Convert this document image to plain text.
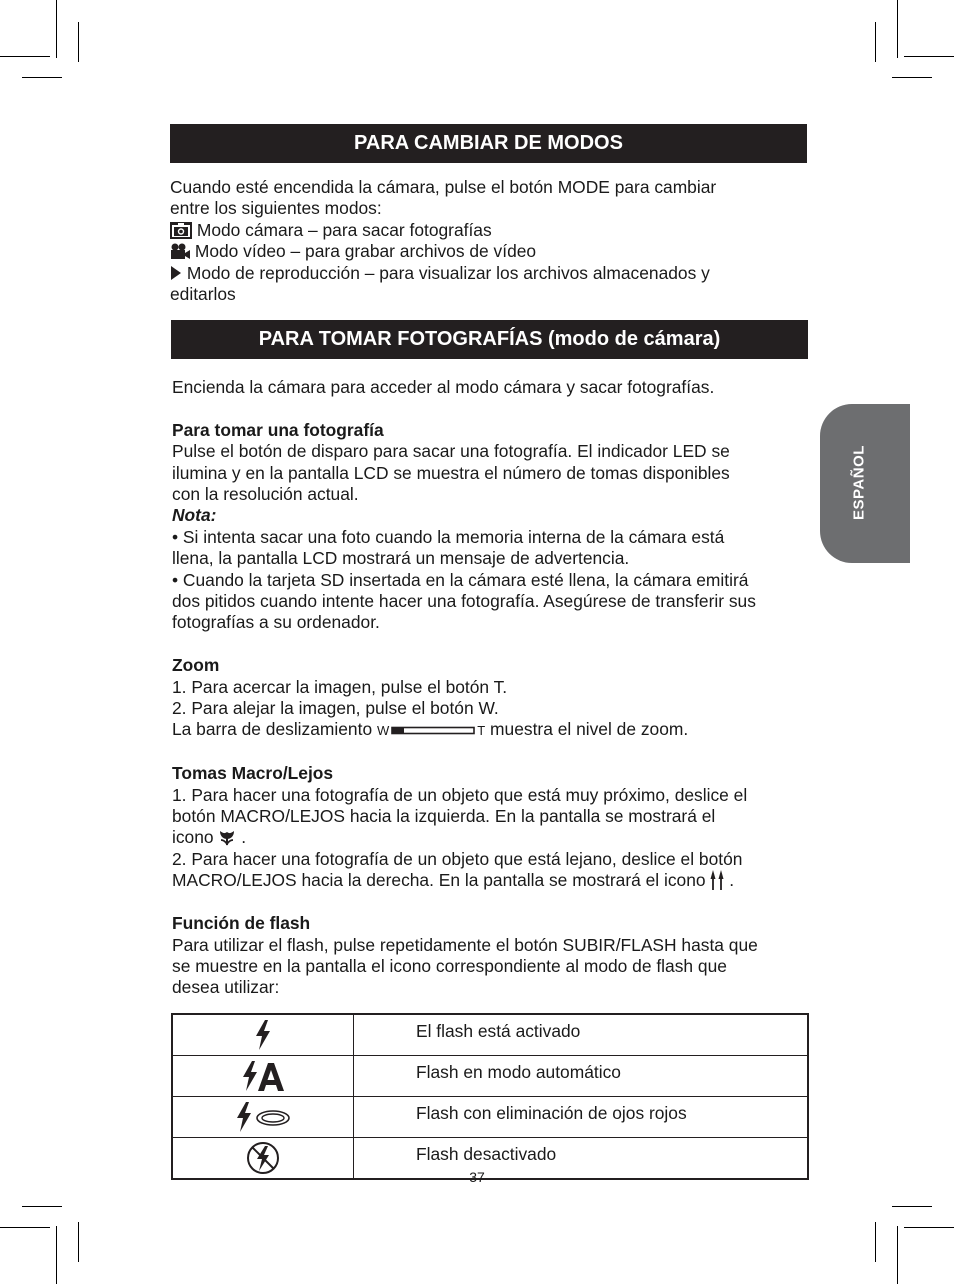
PARA CAMBIAR DE MODOS

Cuando esté encendida la cámara, pulse el botón MODE para cambiar

entre los siguientes modos:

Modo cámara – para sacar fotografías

Modo vídeo – para grabar archivos de vídeo

Modo de reproducción – para visualizar los archivos almacenados y

editarlos

PARA TOMAR FOTOGRAFÍAS (modo de cámara)

Encienda la cámara para acceder al modo cámara y sacar fotografías.

Para tomar una fotografía

Pulse el botón de disparo para sacar una fotografía. El indicador LED se

ilumina y en la pantalla LCD se muestra el número de tomas disponibles

con la resolución actual.

Nota:

• Si intenta sacar una foto cuando la memoria interna de la cámara está

llena, la pantalla LCD mostrará un mensaje de advertencia.

• Cuando la tarjeta SD insertada en la cámara esté llena, la cámara emitirá

dos pitidos cuando intente hacer una fotografía. Asegúrese de transferir sus

fotografías a su ordenador.

Zoom

1. Para acercar la imagen, pulse el botón T.

2. Para alejar la imagen, pulse el botón W.

La barra de deslizamiento W	T muestra el nivel de zoom.

Tomas Macro/Lejos

1. Para hacer una fotografía de un objeto que está muy próximo, deslice el

botón MACRO/LEJOS hacia la izquierda. En la pantalla se mostrará el

icono .

2. Para hacer una fotografía de un objeto que está lejano, deslice el botón

MACRO/LEJOS hacia la derecha. En la pantalla se mostrará el icono .

Función de flash

Para utilizar el flash, pulse repetidamente el botón SUBIR/FLASH hasta que

se muestre en la pantalla el icono correspondiente al modo de flash que

desea utilizar:

	El flash está activado

	Flash en modo automático

	Flash con eliminación de ojos rojos

	Flash desactivado
ESPAÑOL
37
